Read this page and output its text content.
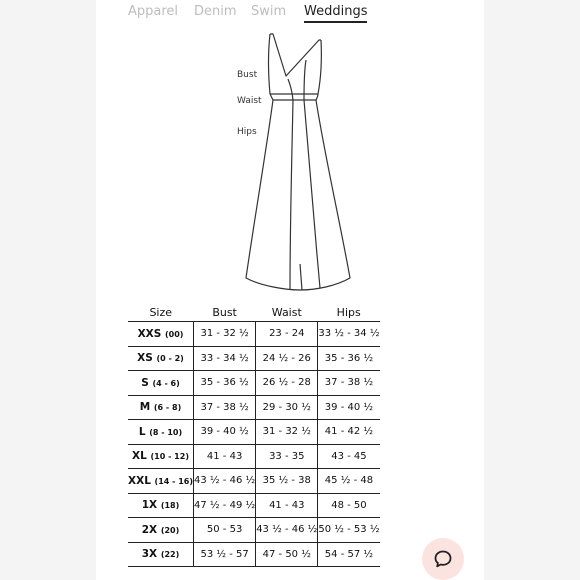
Apparel Denim Swim Weddings
Bust
Waist
Hips
Size	Bust	Waist	Hips
XXS (00)	31 - 32 ½	23 - 24	33 ½ - 34 ½
XS (0 - 2)	33 - 34 ½	24 ½ - 26	35 - 36 ½
S (4 - 6)	35 - 36 ½	26 ½ - 28	37 - 38 ½
M (6 - 8)	37 - 38 ½	29 - 30 ½	39 - 40 ½
L (8 - 10)	39 - 40 ½	31 - 32 ½	41 - 42 ½
XL (10 - 12)	41 - 43	33 - 35	43 - 45
XXL (14 - 16)	43 ½ - 46 ½	35 ½ - 38	45 ½ - 48
1X (18)	47 ½ - 49 ½	41 - 43	48 - 50
2X (20)	50 - 53	43 ½ - 46 ½	50 ½ - 53 ½
3X (22)	53 ½ - 57	47 - 50 ½	54 - 57 ½
